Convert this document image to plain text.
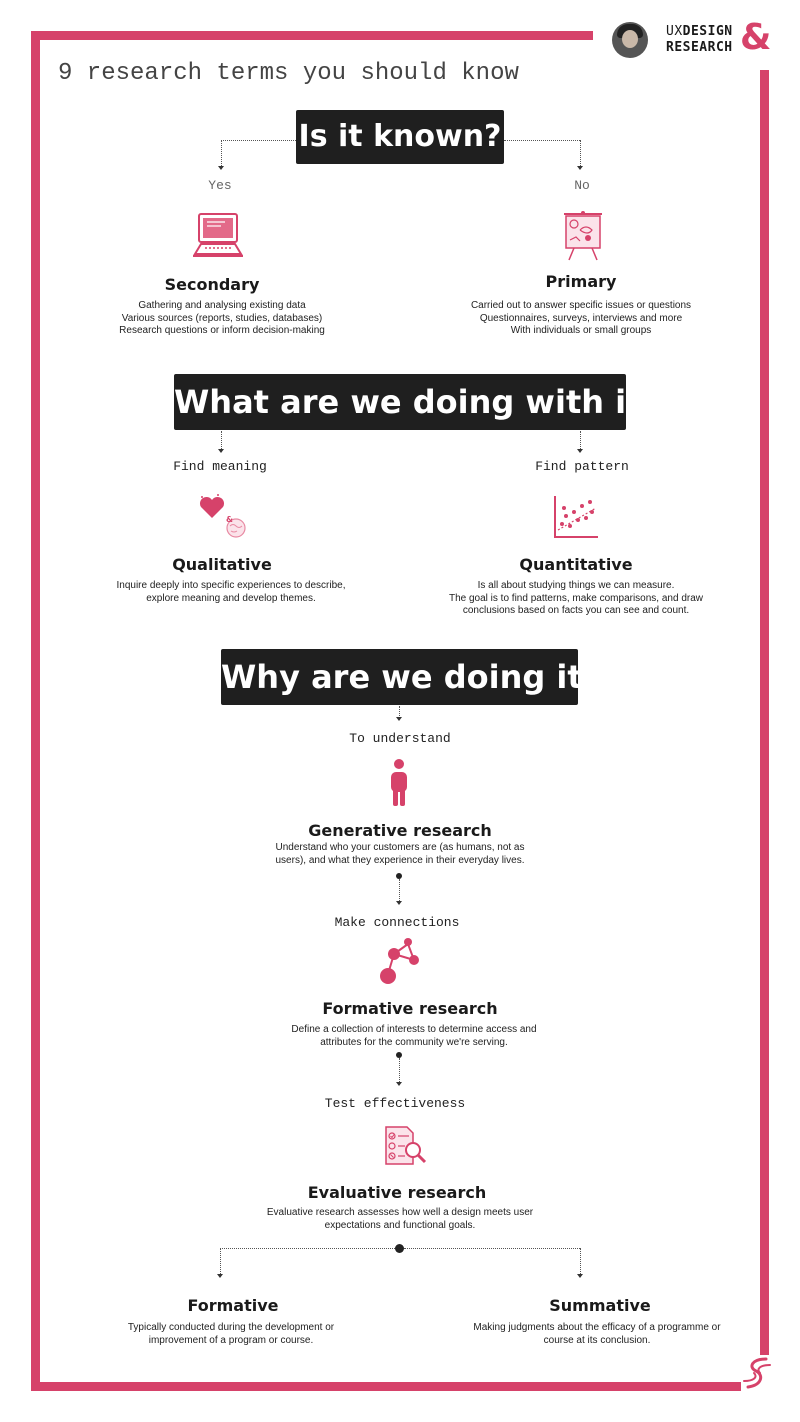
UXDESIGN
RESEARCH &
9 research terms you should know
Is it known?
Yes	No
Secondary
Gathering and analysing existing data
Various sources (reports, studies, databases)
Research questions or inform decision-making
Primary
Carried out to answer specific issues or questions
Questionnaires, surveys, interviews and more
With individuals or small groups
What are we doing with it?
Find meaning	Find pattern
&
Qualitative
Inquire deeply into specific experiences to describe,
explore meaning and develop themes.
Quantitative
Is all about studying things we can measure.
The goal is to find patterns, make comparisons, and draw
conclusions based on facts you can see and count.
Why are we doing it?
To understand
Generative research
Understand who your customers are (as humans, not as
users), and what they experience in their everyday lives.
Make connections
Formative research
Define a collection of interests to determine access and
attributes for the community we're serving.
Test effectiveness
Evaluative research
Evaluative research assesses how well a design meets user
expectations and functional goals.
Formative
Typically conducted during the development or
improvement of a program or course.
Summative
Making judgments about the efficacy of a programme or
course at its conclusion.
